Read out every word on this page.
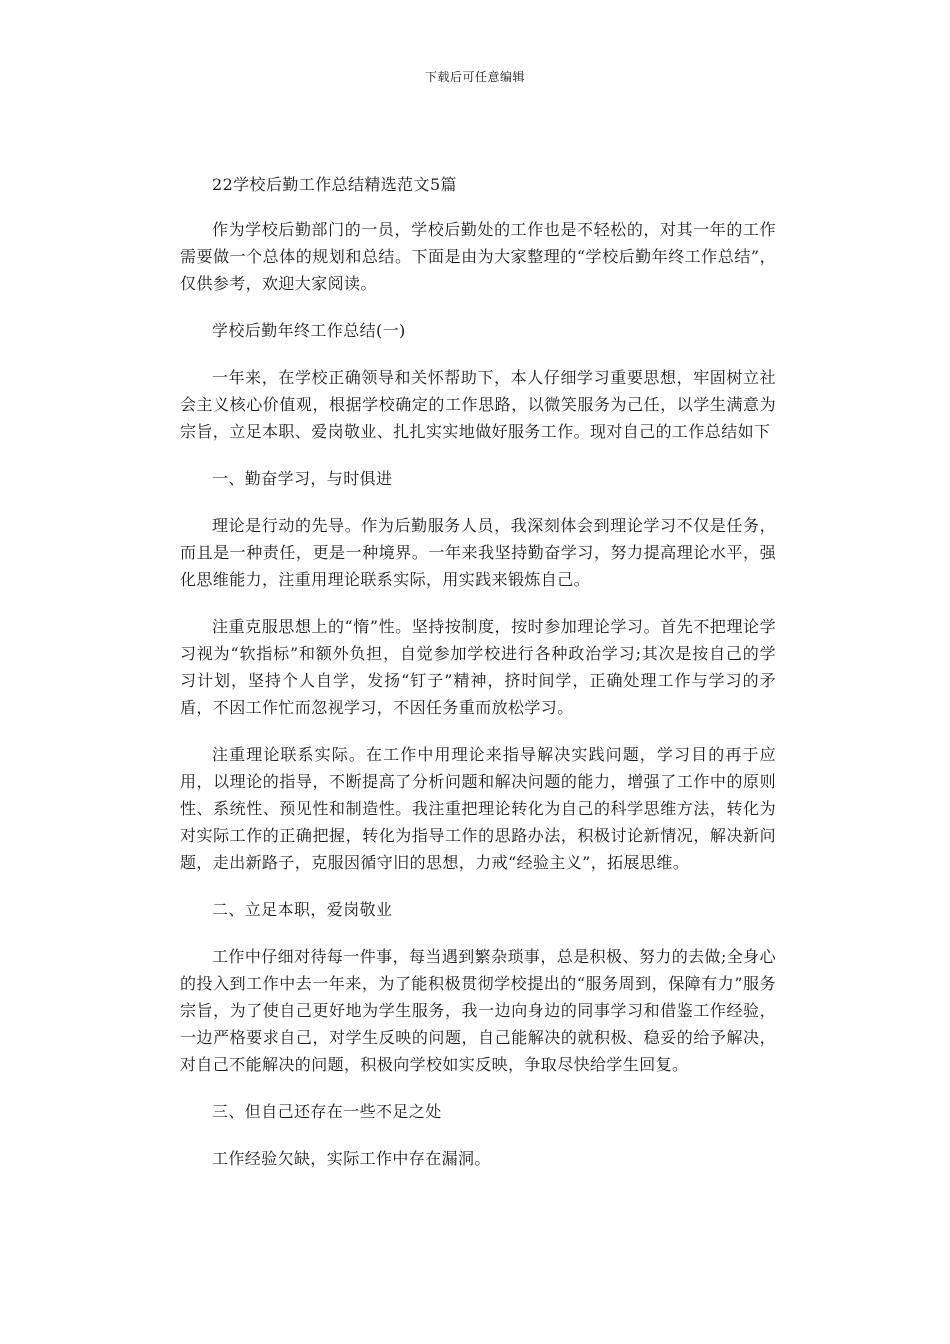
下载后可任意编辑

22学校后勤工作总结精选范文5篇

作为学校后勤部门的一员，学校后勤处的工作也是不轻松的，对其一年的工作需要做一个总体的规划和总结。下面是由为大家整理的“学校后勤年终工作总结”，仅供参考，欢迎大家阅读。

学校后勤年终工作总结(一)

一年来，在学校正确领导和关怀帮助下，本人仔细学习重要思想，牢固树立社会主义核心价值观，根据学校确定的工作思路，以微笑服务为己任，以学生满意为宗旨，立足本职、爱岗敬业、扎扎实实地做好服务工作。现对自己的工作总结如下

一、勤奋学习，与时俱进

理论是行动的先导。作为后勤服务人员，我深刻体会到理论学习不仅是任务，而且是一种责任，更是一种境界。一年来我坚持勤奋学习，努力提高理论水平，强化思维能力，注重用理论联系实际，用实践来锻炼自己。

注重克服思想上的“惰”性。坚持按制度，按时参加理论学习。首先不把理论学习视为“软指标”和额外负担，自觉参加学校进行各种政治学习;其次是按自己的学习计划，坚持个人自学，发扬“钉子”精神，挤时间学，正确处理工作与学习的矛盾，不因工作忙而忽视学习，不因任务重而放松学习。

注重理论联系实际。在工作中用理论来指导解决实践问题，学习目的再于应用，以理论的指导，不断提高了分析问题和解决问题的能力，增强了工作中的原则性、系统性、预见性和制造性。我注重把理论转化为自己的科学思维方法，转化为对实际工作的正确把握，转化为指导工作的思路办法，积极讨论新情况，解决新问题，走出新路子，克服因循守旧的思想，力戒“经验主义”，拓展思维。

二、立足本职，爱岗敬业

工作中仔细对待每一件事，每当遇到繁杂琐事，总是积极、努力的去做;全身心的投入到工作中去一年来，为了能积极贯彻学校提出的“服务周到，保障有力”服务宗旨，为了使自己更好地为学生服务，我一边向身边的同事学习和借鉴工作经验，一边严格要求自己，对学生反映的问题，自己能解决的就积极、稳妥的给予解决，对自己不能解决的问题，积极向学校如实反映，争取尽快给学生回复。

三、但自己还存在一些不足之处

工作经验欠缺，实际工作中存在漏洞。
